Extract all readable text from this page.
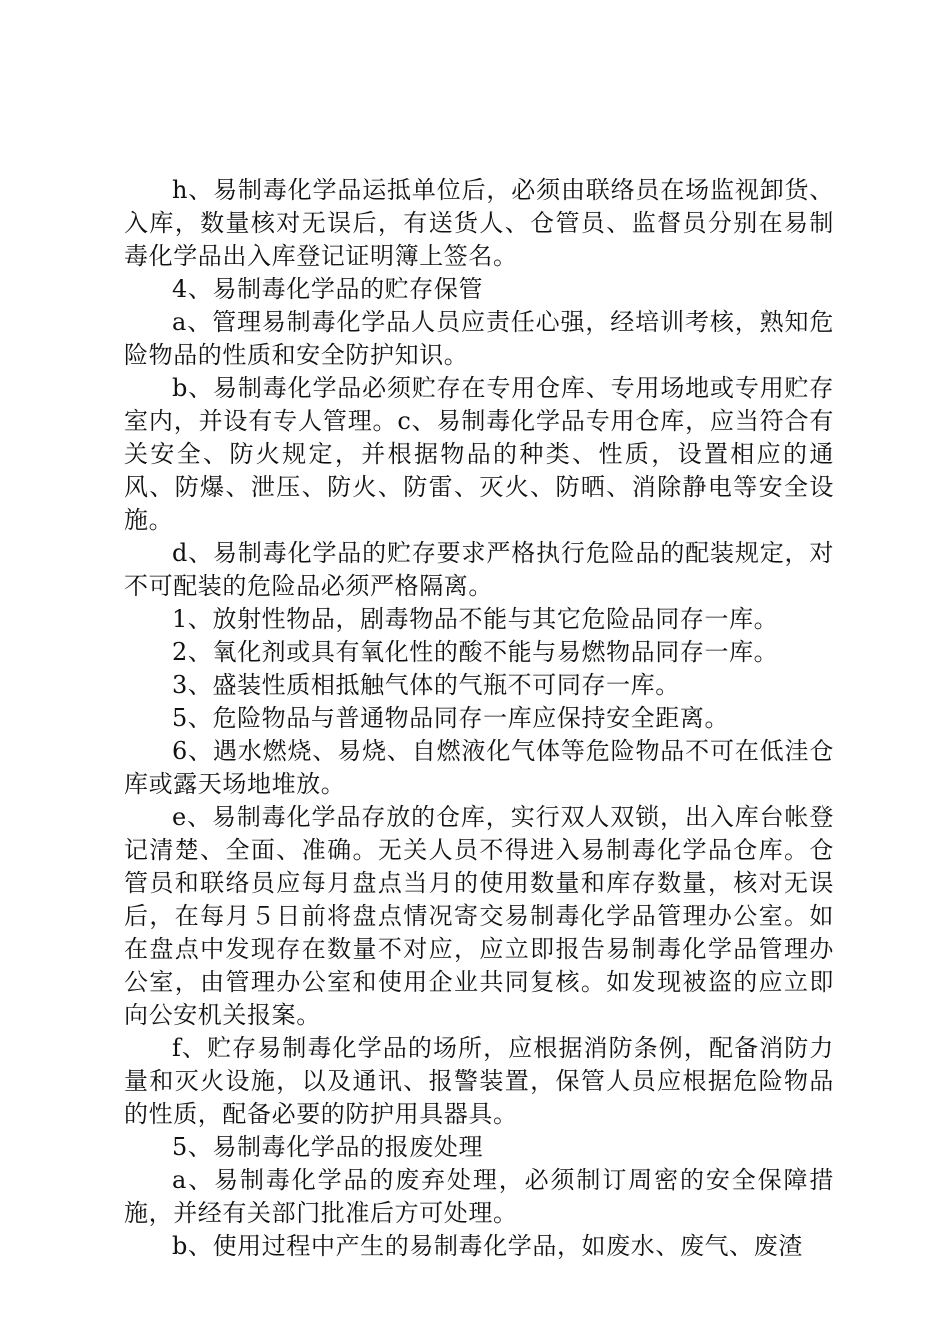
h、易制毒化学品运抵单位后，必须由联络员在场监视卸货、入库，数量核对无误后，有送货人、仓管员、监督员分别在易制毒化学品出入库登记证明簿上签名。

4、易制毒化学品的贮存保管

a、管理易制毒化学品人员应责任心强，经培训考核，熟知危险物品的性质和安全防护知识。

b、易制毒化学品必须贮存在专用仓库、专用场地或专用贮存室内，并设有专人管理。c、易制毒化学品专用仓库，应当符合有关安全、防火规定，并根据物品的种类、性质，设置相应的通风、防爆、泄压、防火、防雷、灭火、防晒、消除静电等安全设施。

d、易制毒化学品的贮存要求严格执行危险品的配装规定，对不可配装的危险品必须严格隔离。

1、放射性物品，剧毒物品不能与其它危险品同存一库。

2、氧化剂或具有氧化性的酸不能与易燃物品同存一库。

3、盛装性质相抵触气体的气瓶不可同存一库。

5、危险物品与普通物品同存一库应保持安全距离。

6、遇水燃烧、易烧、自燃液化气体等危险物品不可在低洼仓库或露天场地堆放。

e、易制毒化学品存放的仓库，实行双人双锁，出入库台帐登记清楚、全面、准确。无关人员不得进入易制毒化学品仓库。仓管员和联络员应每月盘点当月的使用数量和库存数量，核对无误后，在每月５日前将盘点情况寄交易制毒化学品管理办公室。如在盘点中发现存在数量不对应，应立即报告易制毒化学品管理办公室，由管理办公室和使用企业共同复核。如发现被盗的应立即向公安机关报案。

f、贮存易制毒化学品的场所，应根据消防条例，配备消防力量和灭火设施，以及通讯、报警装置，保管人员应根据危险物品的性质，配备必要的防护用具器具。

5、易制毒化学品的报废处理

a、易制毒化学品的废弃处理，必须制订周密的安全保障措施，并经有关部门批准后方可处理。

b、使用过程中产生的易制毒化学品，如废水、废气、废渣
